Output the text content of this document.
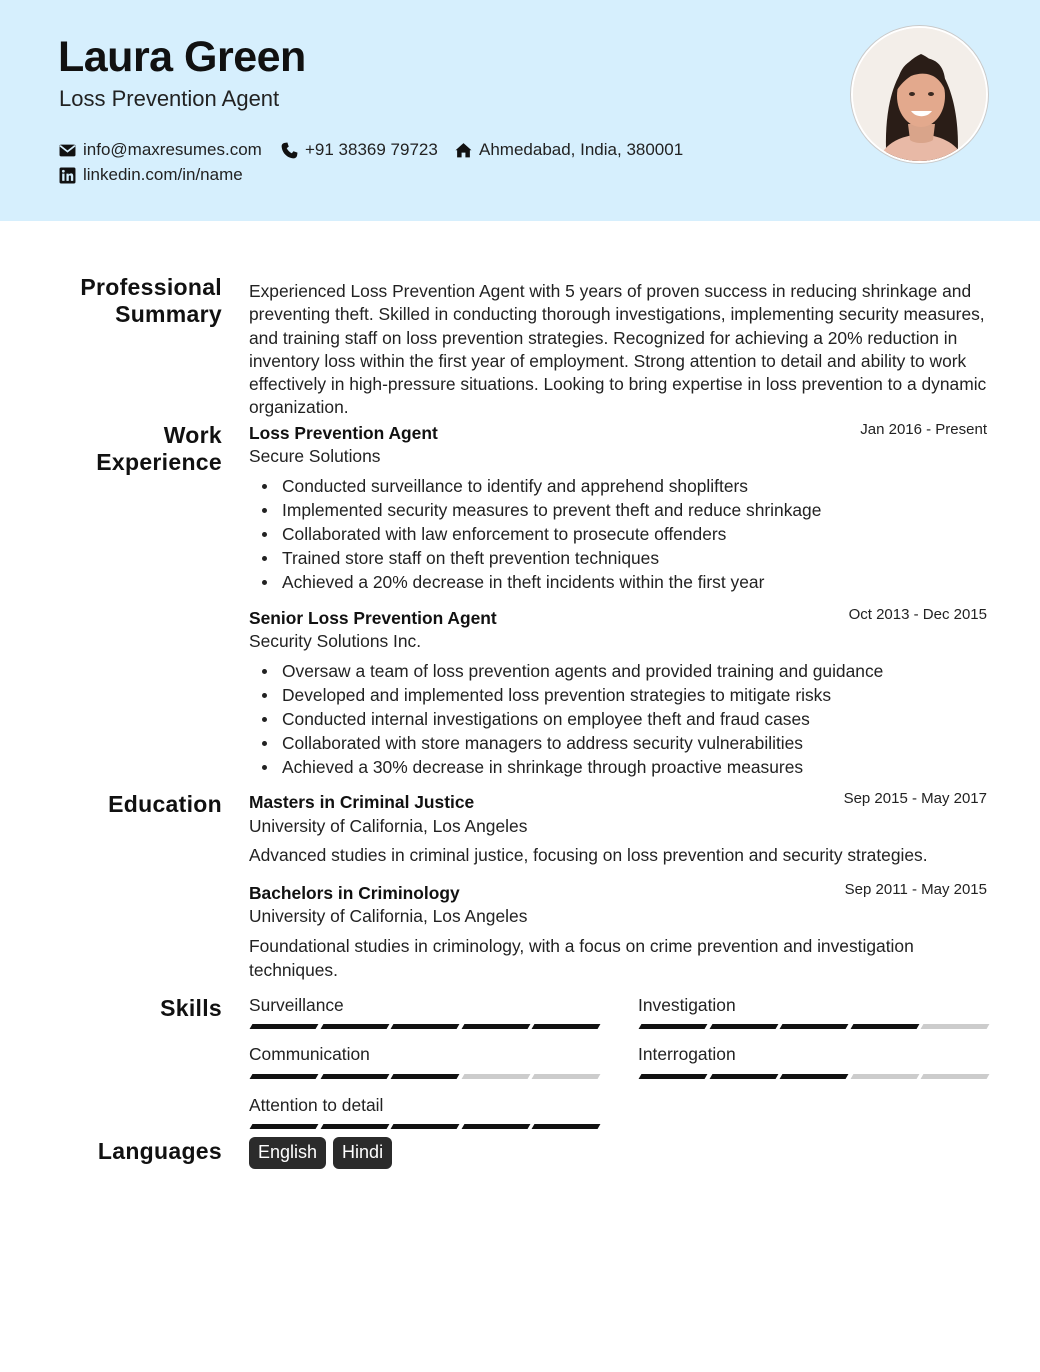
Laura Green
Loss Prevention Agent
info@maxresumes.com	+91 38369 79723 Ahmedabad, India, 380001
linkedin.com/in/name
Professional Summary
Experienced Loss Prevention Agent with 5 years of proven success in reducing shrinkage and preventing theft. Skilled in conducting thorough investigations, implementing security measures, and training staff on loss prevention strategies. Recognized for achieving a 20% reduction in inventory loss within the first year of employment. Strong attention to detail and ability to work effectively in high-pressure situations. Looking to bring expertise in loss prevention to a dynamic organization.
Work Experience
Loss Prevention Agent	Jan 2016 - Present
Secure Solutions
Conducted surveillance to identify and apprehend shoplifters
Implemented security measures to prevent theft and reduce shrinkage
Collaborated with law enforcement to prosecute offenders
Trained store staff on theft prevention techniques
Achieved a 20% decrease in theft incidents within the first year
Senior Loss Prevention Agent	Oct 2013 - Dec 2015
Security Solutions Inc.
Oversaw a team of loss prevention agents and provided training and guidance
Developed and implemented loss prevention strategies to mitigate risks
Conducted internal investigations on employee theft and fraud cases
Collaborated with store managers to address security vulnerabilities
Achieved a 30% decrease in shrinkage through proactive measures
Education Masters in Criminal Justice	Sep 2015 - May 2017
University of California, Los Angeles
Advanced studies in criminal justice, focusing on loss prevention and security strategies.
Bachelors in Criminology	Sep 2011 - May 2015
University of California, Los Angeles
Foundational studies in criminology, with a focus on crime prevention and investigation techniques.
Skills Surveillance	Investigation
Communication	Interrogation
Attention to detail
Languages	English	Hindi
